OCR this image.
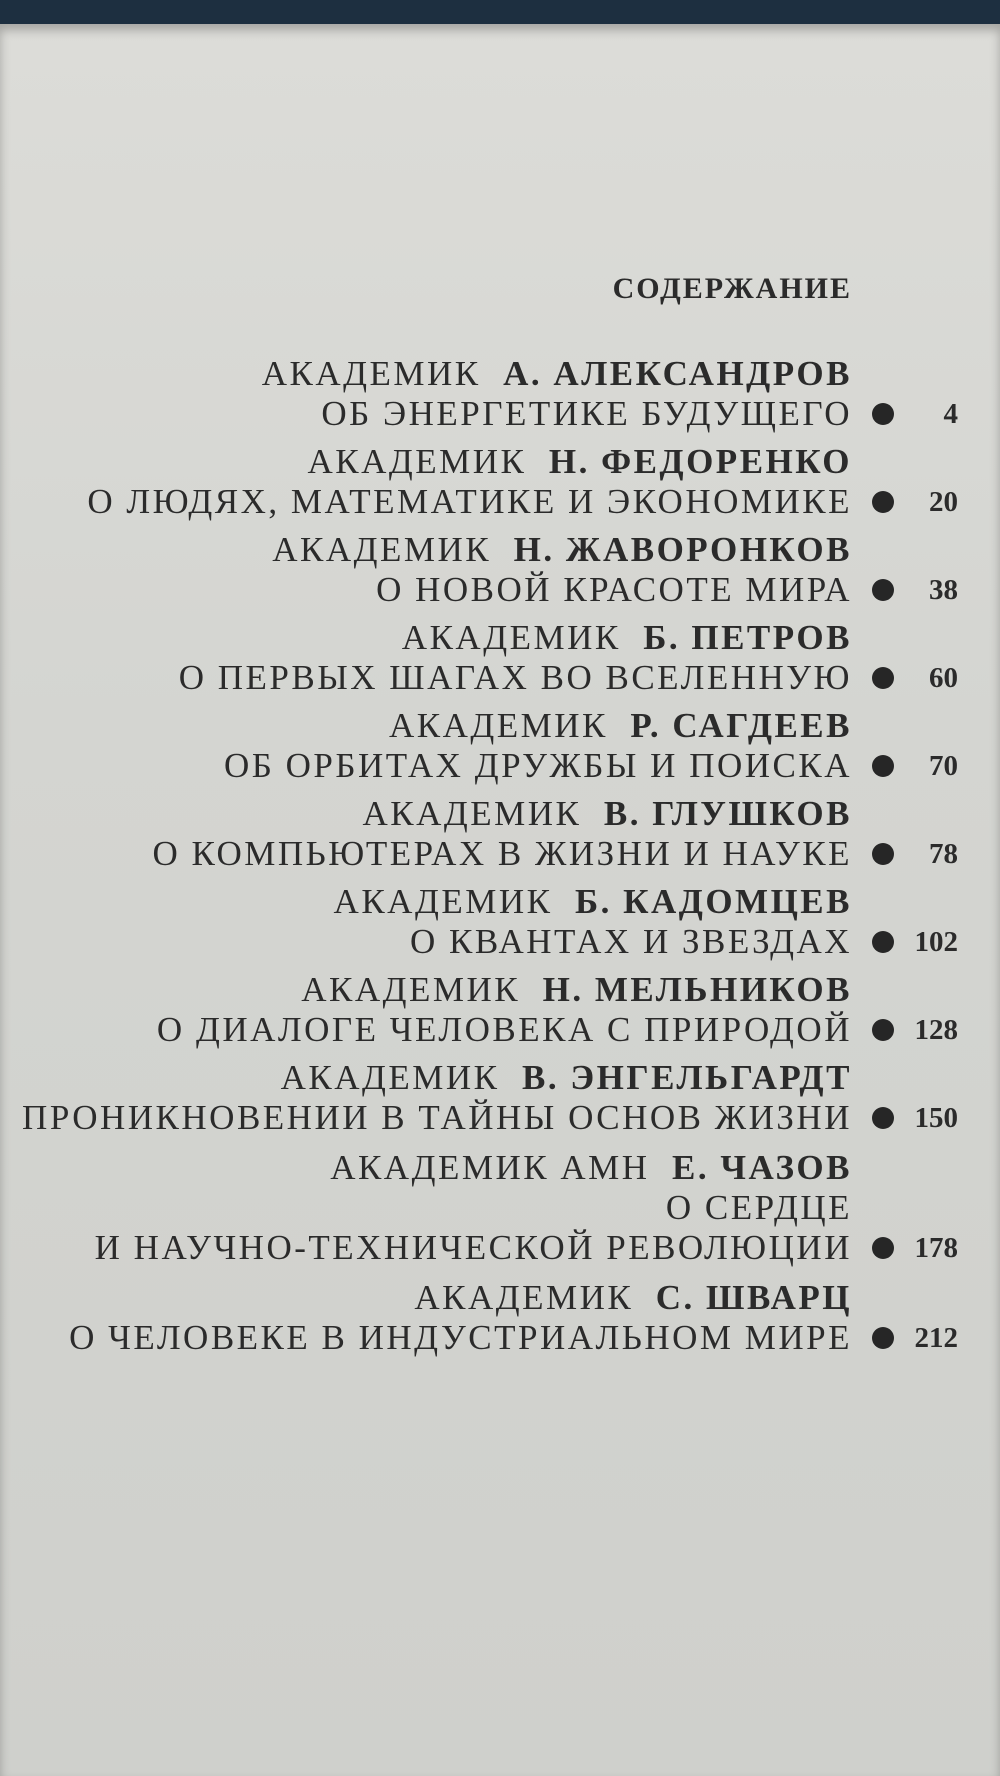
СОДЕРЖАНИЕ
АКАДЕМИК А. АЛЕКСАНДРОВ
ОБ ЭНЕРГЕТИКЕ БУДУЩЕГО	4
АКАДЕМИК Н. ФЕДОРЕНКО
О ЛЮДЯХ, МАТЕМАТИКЕ И ЭКОНОМИКЕ	20
АКАДЕМИК Н. ЖАВОРОНКОВ
О НОВОЙ КРАСОТЕ МИРА	38
АКАДЕМИК Б. ПЕТРОВ
О ПЕРВЫХ ШАГАХ ВО ВСЕЛЕННУЮ	60
АКАДЕМИК Р. САГДЕЕВ
ОБ ОРБИТАХ ДРУЖБЫ И ПОИСКА	70
АКАДЕМИК В. ГЛУШКОВ
О КОМПЬЮТЕРАХ В ЖИЗНИ И НАУКЕ	78
АКАДЕМИК Б. КАДОМЦЕВ
О КВАНТАХ И ЗВЕЗДАХ 102
АКАДЕМИК Н. МЕЛЬНИКОВ
О ДИАЛОГЕ ЧЕЛОВЕКА С ПРИРОДОЙ 128
АКАДЕМИК В. ЭНГЕЛЬГАРДТ
ПРОНИКНОВЕНИИ В ТАЙНЫ ОСНОВ ЖИЗНИ 150
АКАДЕМИК АМН Е. ЧАЗОВ
О СЕРДЦЕ
И НАУЧНО-ТЕХНИЧЕСКОЙ РЕВОЛЮЦИИ 178
АКАДЕМИК С. ШВАРЦ
О ЧЕЛОВЕКЕ В ИНДУСТРИАЛЬНОМ МИРЕ 212
